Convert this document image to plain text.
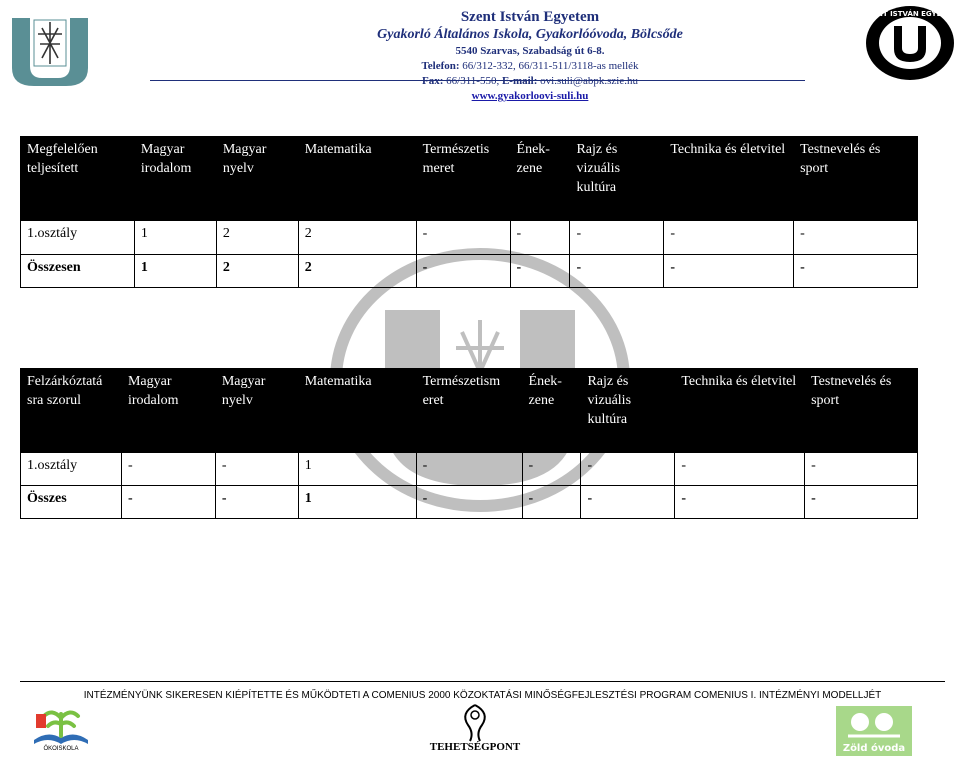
Szent István Egyetem
Gyakorló Általános Iskola, Gyakorlóóvoda, Bölcsőde
5540 Szarvas, Szabadság út 6-8.
Telefon: 66/312-332, 66/311-511/3118-as mellék
Fax: 66/311-550, E-mail: ovi.suli@abpk.szie.hu
www.gyakorloovi-suli.hu
SZENT ISTVÁN EGYETEM
Megfelelően teljesített	Magyar irodalom	Magyar nyelv	Matematika	Természetis meret	Ének-zene	Rajz és vizuális kultúra	Technika és életvitel	Testnevelés és sport
1.osztály	1	2	2	-	-	-	-	-
Összesen	1	2	2	-	-	-	-	-
Felzárkóztatá sra szorul	Magyar irodalom	Magyar nyelv	Matematika	Természetism eret	Ének-zene	Rajz és vizuális kultúra	Technika és életvitel	Testnevelés és sport
1.osztály	-	-	1	-	-	-	-	-
Összes	-	-	1	-	-	-	-	-
INTÉZMÉNYÜNK SIKERESEN KIÉPÍTETTE ÉS MŰKÖDTETI A COMENIUS 2000 KÖZOKTATÁSI MINŐSÉGFEJLESZTÉSI PROGRAM COMENIUS I. INTÉZMÉNYI MODELLJÉT
ÖKOISKOLA	TEHETSÉGPONT	Zöld óvoda
